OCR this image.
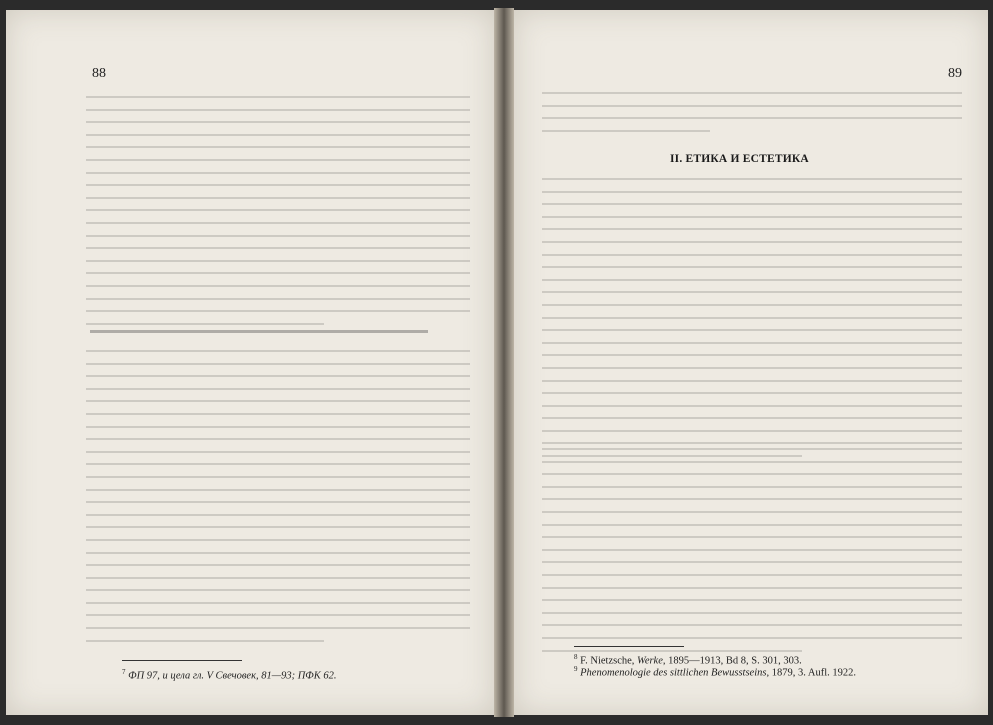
88
$^7$ ФП 97, и цела гл. V Свечовек, 81—93; ПФК 62.
89
II. ЕТИКА И ЕСТЕТИКА
$^8$ F. Nietzsche, Werke, 1895—1913, Bd 8, S. 301, 303.
$^9$ Phenomenologie des sittlichen Bewusstseins, 1879, 3. Aufl. 1922.
